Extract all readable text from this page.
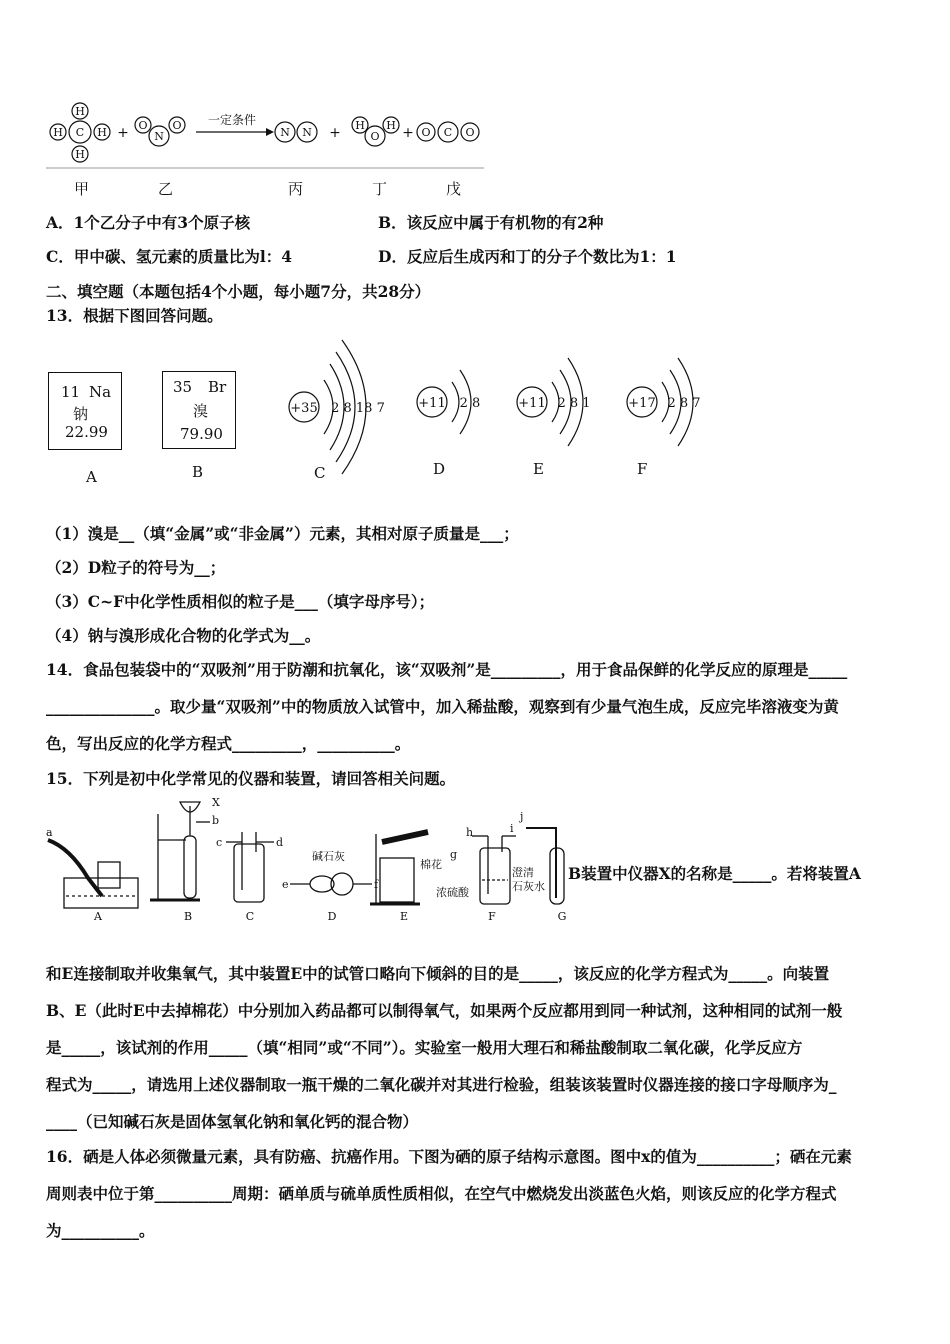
H
H C H
H
O
N
O
N N
H
O
H
O C O
+	+	+
一定条件
甲	乙	丙	丁	戊
A．1个乙分子中有3个原子核	B．该反应中属于有机物的有2种
C．甲中碳、氢元素的质量比为l：4	D．反应后生成丙和丁的分子个数比为1：1
二、填空题（本题包括4个小题，每小题7分，共28分）
13．根据下图回答问题。
11 Na
钠
22.99
35 Br
溴
79.90
+35 2 8 18 7	+11 2 8	+11 2 8 1	+17 2 8 7
A	B	C	D	E	F
（1）溴是__（填“金属”或“非金属”）元素，其相对原子质量是___；
（2）D粒子的符号为__；
（3）C~F中化学性质相似的粒子是___（填字母序号）；
（4）钠与溴形成化合物的化学式为__。
14．食品包装袋中的“双吸剂”用于防潮和抗氧化，该“双吸剂”是_________，用于食品保鲜的化学反应的原理是_____
______________。取少量“双吸剂”中的物质放入试管中，加入稀盐酸，观察到有少量气泡生成，反应完毕溶液变为黄
色，写出反应的化学方程式_________，__________。
15．下列是初中化学常见的仪器和装置，请回答相关问题。
a
X
b
c	d
e	f
g
h	i
j
碱石灰
棉花
浓硫酸
澄清
石灰水
A	B	C	D	E	F	G
B装置中仪器X的名称是_____。若将装置A
和E连接制取并收集氧气，其中装置E中的试管口略向下倾斜的目的是_____，该反应的化学方程式为_____。向装置
B、E（此时E中去掉棉花）中分别加入药品都可以制得氧气，如果两个反应都用到同一种试剂，这种相同的试剂一般
是_____，该试剂的作用_____（填“相同”或“不同”）。实验室一般用大理石和稀盐酸制取二氧化碳，化学反应方
程式为_____，请选用上述仪器制取一瓶干燥的二氧化碳并对其进行检验，组装该装置时仪器连接的接口字母顺序为_
____（已知碱石灰是固体氢氧化钠和氧化钙的混合物）
16．硒是人体必须微量元素，具有防癌、抗癌作用。下图为硒的原子结构示意图。图中x的值为__________；硒在元素
周则表中位于第__________周期：硒单质与硫单质性质相似，在空气中燃烧发出淡蓝色火焰，则该反应的化学方程式
为__________。
